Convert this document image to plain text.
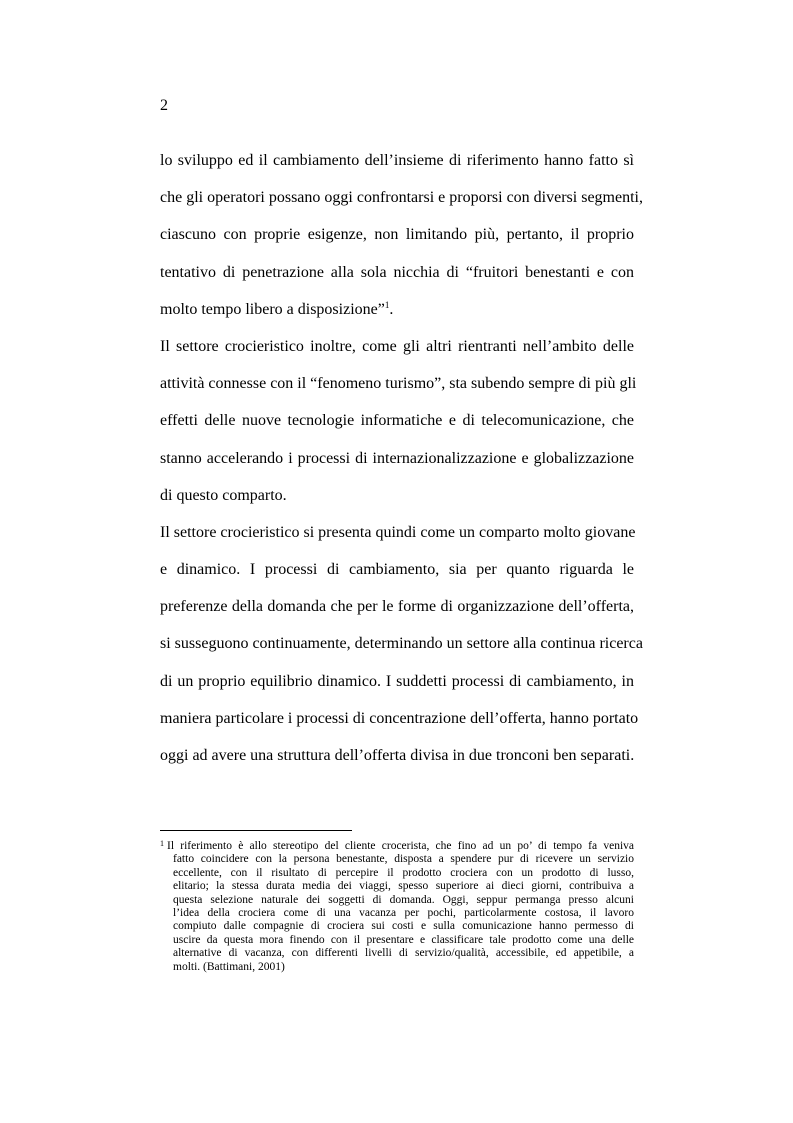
2
lo sviluppo ed il cambiamento dell’insieme di riferimento hanno fatto sì
che gli operatori possano oggi confrontarsi e proporsi con diversi segmenti,
ciascuno con proprie esigenze, non limitando più, pertanto, il proprio
tentativo di penetrazione alla sola nicchia di “fruitori benestanti e con
molto tempo libero a disposizione”$^1$.
Il settore crocieristico inoltre, come gli altri rientranti nell’ambito delle
attività connesse con il “fenomeno turismo”, sta subendo sempre di più gli
effetti delle nuove tecnologie informatiche e di telecomunicazione, che
stanno accelerando i processi di internazionalizzazione e globalizzazione
di questo comparto.
Il settore crocieristico si presenta quindi come un comparto molto giovane
e dinamico. I processi di cambiamento, sia per quanto riguarda le
preferenze della domanda che per le forme di organizzazione dell’offerta,
si susseguono continuamente, determinando un settore alla continua ricerca
di un proprio equilibrio dinamico. I suddetti processi di cambiamento, in
maniera particolare i processi di concentrazione dell’offerta, hanno portato
oggi ad avere una struttura dell’offerta divisa in due tronconi ben separati.
1 Il riferimento è allo stereotipo del cliente crocerista, che fino ad un po’ di tempo fa veniva
fatto coincidere con la persona benestante, disposta a spendere pur di ricevere un servizio
eccellente, con il risultato di percepire il prodotto crociera con un prodotto di lusso,
elitario; la stessa durata media dei viaggi, spesso superiore ai dieci giorni, contribuiva a
questa selezione naturale dei soggetti di domanda. Oggi, seppur permanga presso alcuni
l’idea della crociera come di una vacanza per pochi, particolarmente costosa, il lavoro
compiuto dalle compagnie di crociera sui costi e sulla comunicazione hanno permesso di
uscire da questa mora finendo con il presentare e classificare tale prodotto come una delle
alternative di vacanza, con differenti livelli di servizio/qualità, accessibile, ed appetibile, a
molti. (Battimani, 2001)
